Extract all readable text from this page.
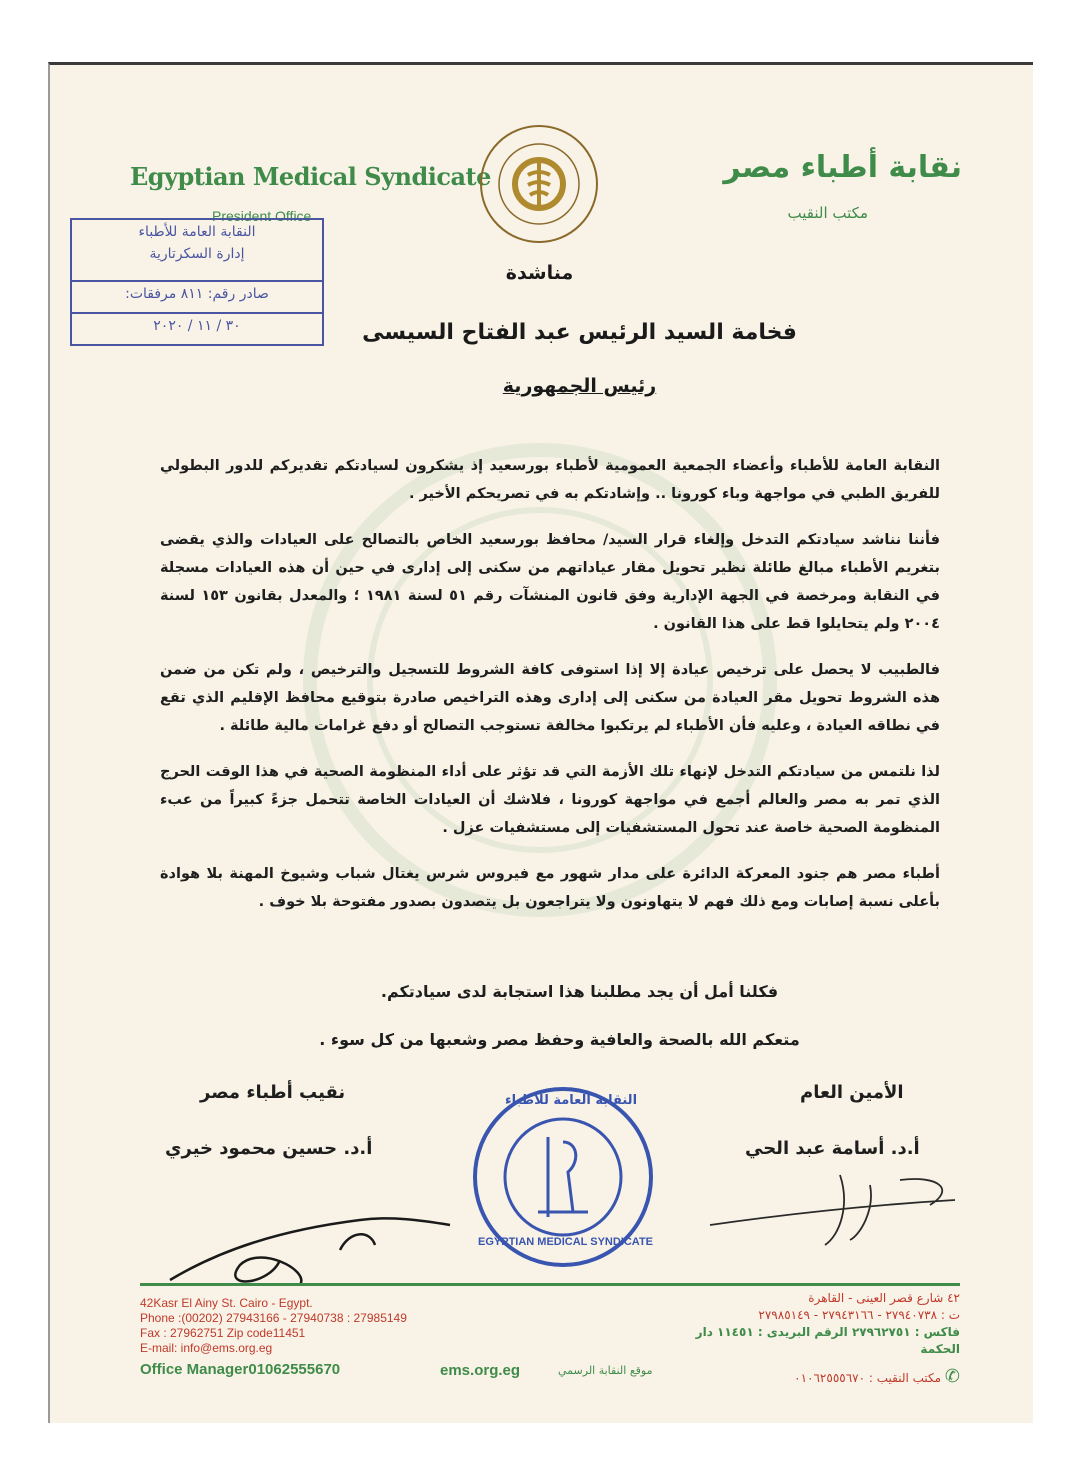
Egyptian Medical Syndicate
President Office
نقابة أطباء مصر
مكتب النقيب
النقابة العامة للأطباء
إدارة السكرتارية
صادر رقم: ٨١١ مرفقات:
٣٠ / ١١ / ٢٠٢٠
مناشدة
فخامة السيد الرئيس عبد الفتاح السيسى
رئيس الجمهورية

النقابة العامة للأطباء وأعضاء الجمعية العمومية لأطباء بورسعيد إذ يشكرون لسيادتكم تقديركم للدور البطولي للفريق الطبي في مواجهة وباء كورونا .. وإشادتكم به في تصريحكم الأخير .

فأننا نناشد سيادتكم التدخل وإلغاء قرار السيد/ محافظ بورسعيد الخاص بالتصالح على العيادات والذي يقضى بتغريم الأطباء مبالغ طائلة نظير تحويل مقار عياداتهم من سكنى إلى إدارى في حين أن هذه العيادات مسجلة في النقابة ومرخصة في الجهة الإدارية وفق قانون المنشآت رقم ٥١ لسنة ١٩٨١ ؛ والمعدل بقانون ١٥٣ لسنة ٢٠٠٤ ولم يتحايلوا قط على هذا القانون .

فالطبيب لا يحصل على ترخيص عيادة إلا إذا استوفى كافة الشروط للتسجيل والترخيص ، ولم تكن من ضمن هذه الشروط تحويل مقر العيادة من سكنى إلى إدارى وهذه التراخيص صادرة بتوقيع محافظ الإقليم الذي تقع في نطاقه العيادة ، وعليه فأن الأطباء لم يرتكبوا مخالفة تستوجب التصالح أو دفع غرامات مالية طائلة .

لذا نلتمس من سيادتكم التدخل لإنهاء تلك الأزمة التي قد تؤثر على أداء المنظومة الصحية في هذا الوقت الحرج الذي تمر به مصر والعالم أجمع في مواجهة كورونا ، فلاشك أن العيادات الخاصة تتحمل جزءً كبيراً من عبء المنظومة الصحية خاصة عند تحول المستشفيات إلى مستشفيات عزل .

أطباء مصر هم جنود المعركة الدائرة على مدار شهور مع فيروس شرس يغتال شباب وشيوخ المهنة بلا هوادة بأعلى نسبة إصابات ومع ذلك فهم لا يتهاونون ولا يتراجعون بل يتصدون بصدور مفتوحة بلا خوف .

فكلنا أمل أن يجد مطلبنا هذا استجابة لدى سيادتكم.
متعكم الله بالصحة والعافية وحفظ مصر وشعبها من كل سوء .
نقيب أطباء مصر
أ.د. حسين محمود خيري
الأمين العام
أ.د. أسامة عبد الحي
النقابة العامة للأطباء
EGYPTIAN MEDICAL SYNDICATE
42Kasr El Ainy St. Cairo - Egypt.
Phone :(00202) 27943166 - 27940738 : 27985149
Fax : 27962751 Zip code11451
E-mail: info@ems.org.eg
Office Manager01062555670	ems.org.eg	موقع النقابة الرسمي
٤٢ شارع قصر العينى - القاهرة
ت : ٢٧٩٤٠٧٣٨ - ٢٧٩٤٣١٦٦ - ٢٧٩٨٥١٤٩
فاكس : ٢٧٩٦٢٧٥١ الرقم البريدى : ١١٤٥١ دار الحكمة
✆ مكتب النقيب : ٠١٠٦٢٥٥٥٦٧٠
